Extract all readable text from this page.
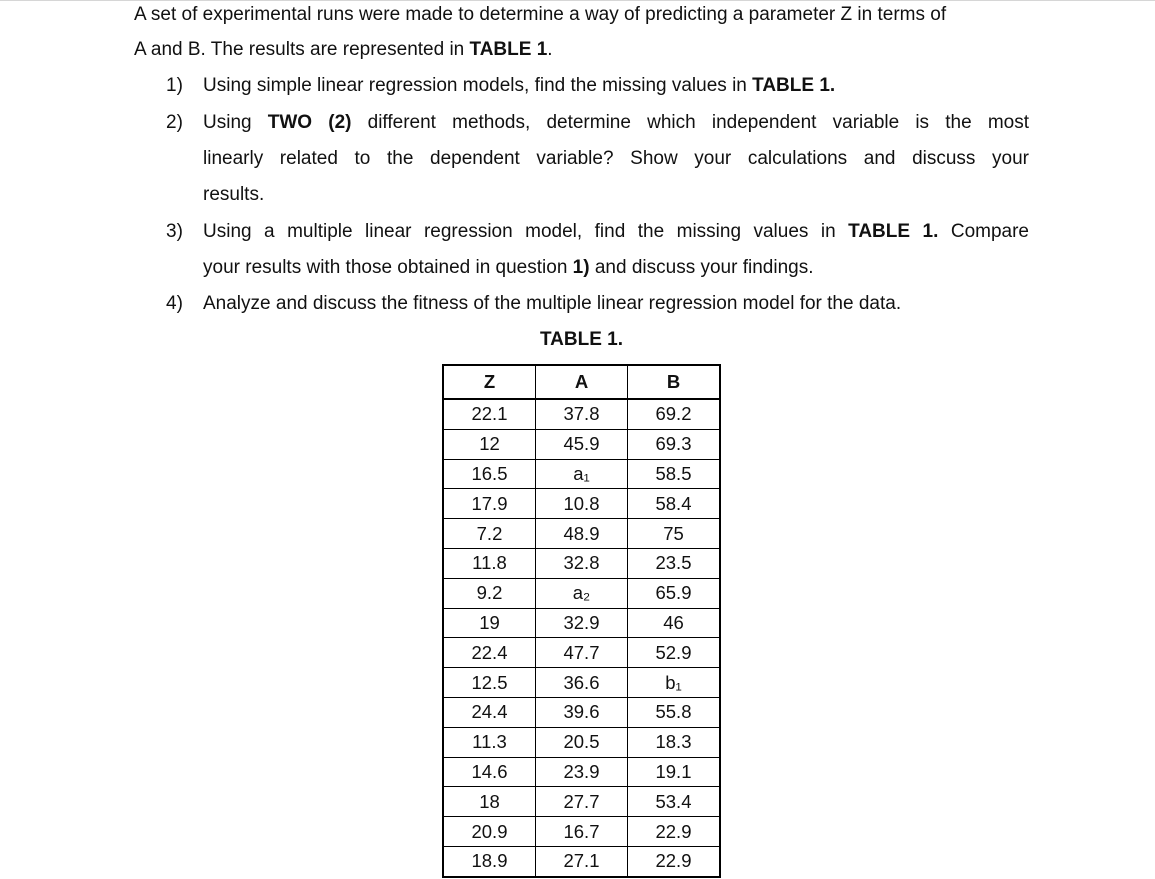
A set of experimental runs were made to determine a way of predicting a parameter Z in terms of
A and B. The results are represented in TABLE 1.
1) Using simple linear regression models, find the missing values in TABLE 1.
2) Using TWO (2) different methods, determine which independent variable is the most
linearly related to the dependent variable? Show your calculations and discuss your
results.
3) Using a multiple linear regression model, find the missing values in TABLE 1. Compare
your results with those obtained in question 1) and discuss your findings.
4) Analyze and discuss the fitness of the multiple linear regression model for the data.
TABLE 1.
Z	A	B
22.1	37.8	69.2
12	45.9	69.3
16.5	a₁	58.5
17.9	10.8	58.4
7.2	48.9	75
11.8	32.8	23.5
9.2	a₂	65.9
19	32.9	46
22.4	47.7	52.9
12.5	36.6	b₁
24.4	39.6	55.8
11.3	20.5	18.3
14.6	23.9	19.1
18	27.7	53.4
20.9	16.7	22.9
18.9	27.1	22.9
